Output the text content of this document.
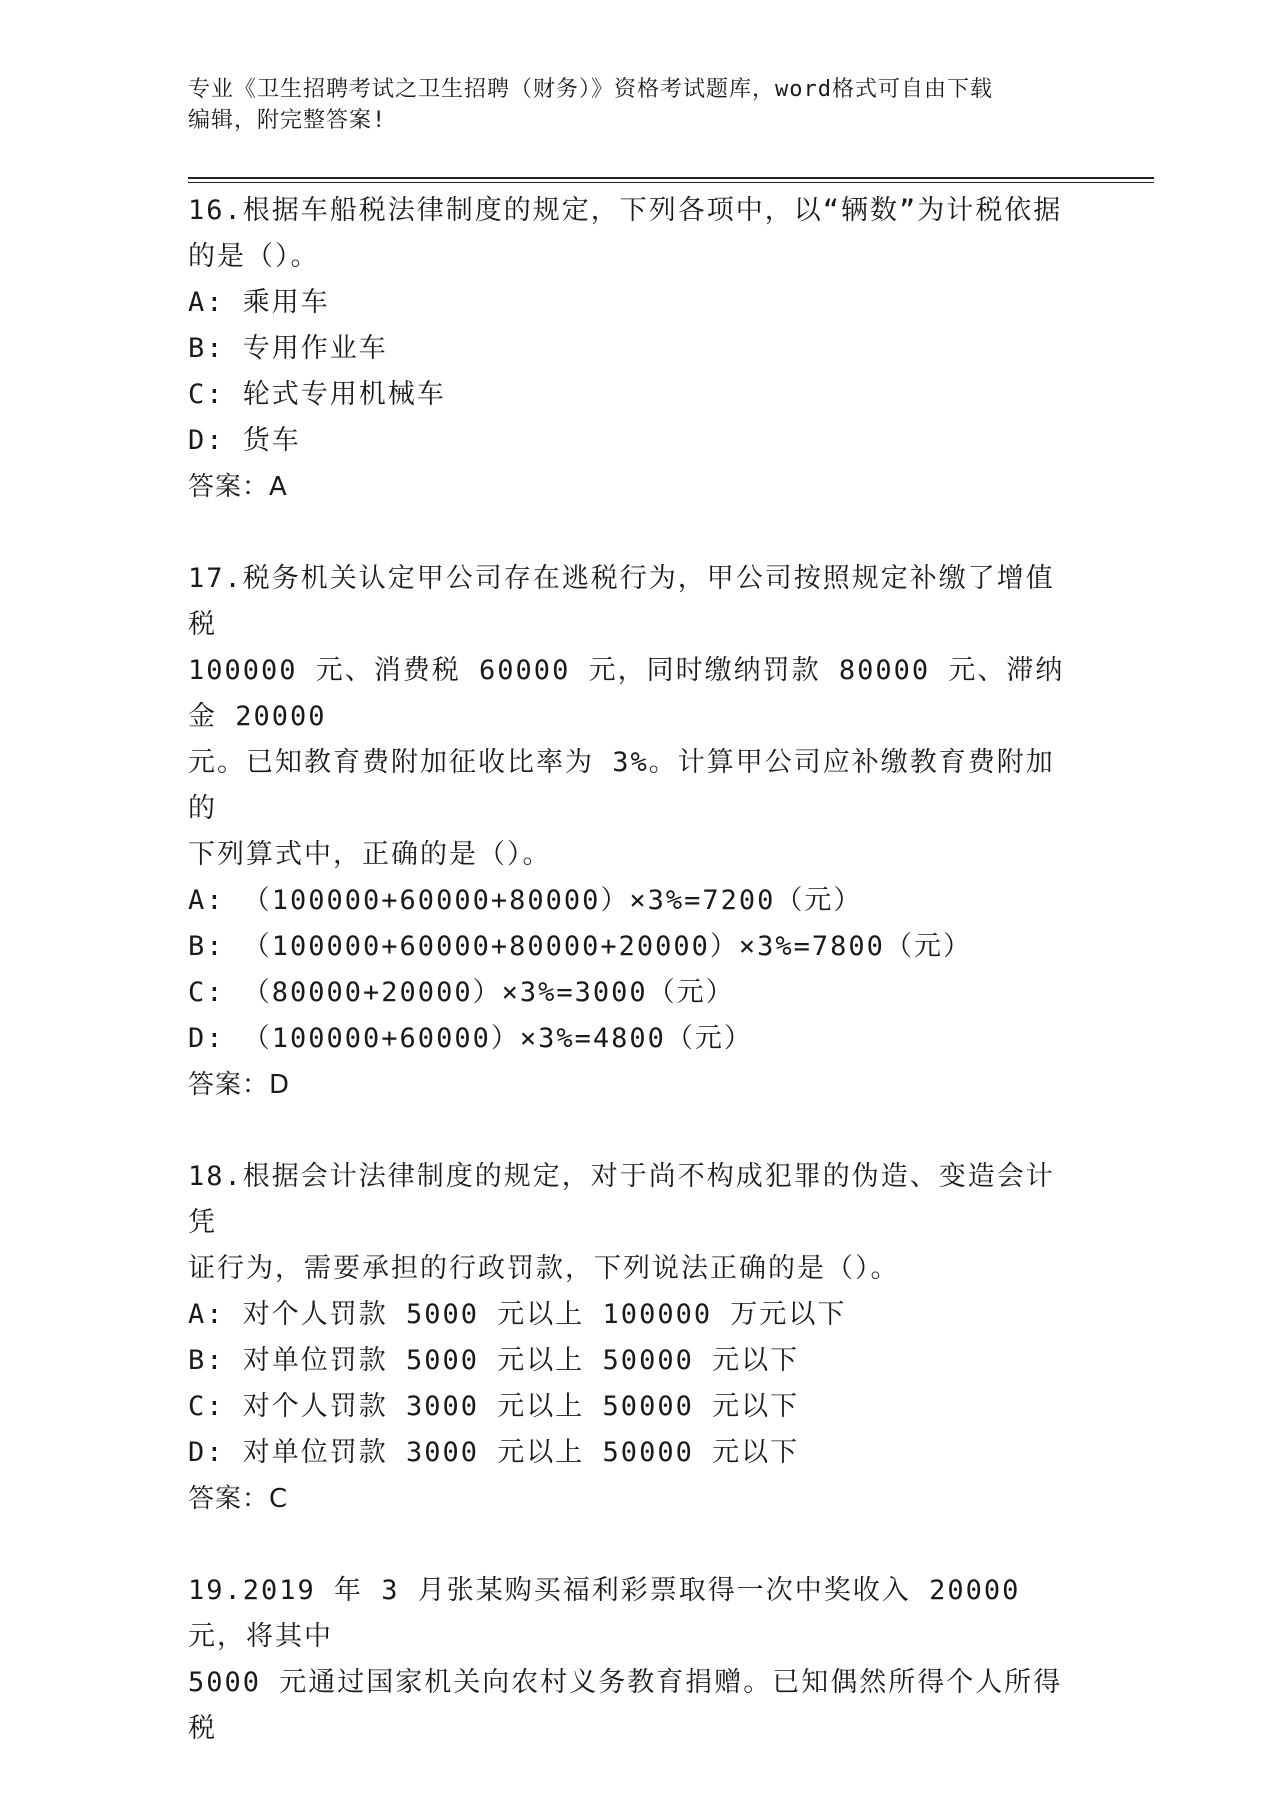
专业《卫生招聘考试之卫生招聘（财务）》资格考试题库，word格式可自由下载
编辑，附完整答案!

16.根据车船税法律制度的规定，下列各项中，以“辆数”为计税依据

的是（）。

A: 乘用车

B: 专用作业车

C: 轮式专用机械车

D: 货车

答案：A

17.税务机关认定甲公司存在逃税行为，甲公司按照规定补缴了增值税

100000 元、消费税 60000 元，同时缴纳罚款 80000 元、滞纳金 20000

元。已知教育费附加征收比率为 3%。计算甲公司应补缴教育费附加的

下列算式中，正确的是（）。

A: （100000+60000+80000）×3%=7200（元）

B: （100000+60000+80000+20000）×3%=7800（元）

C: （80000+20000）×3%=3000（元）

D: （100000+60000）×3%=4800（元）

答案：D

18.根据会计法律制度的规定，对于尚不构成犯罪的伪造、变造会计凭

证行为，需要承担的行政罚款，下列说法正确的是（）。

A: 对个人罚款 5000 元以上 100000 万元以下

B: 对单位罚款 5000 元以上 50000 元以下

C: 对个人罚款 3000 元以上 50000 元以下

D: 对单位罚款 3000 元以上 50000 元以下

答案：C

19.2019 年 3 月张某购买福利彩票取得一次中奖收入 20000 元，将其中

5000 元通过国家机关向农村义务教育捐赠。已知偶然所得个人所得税
